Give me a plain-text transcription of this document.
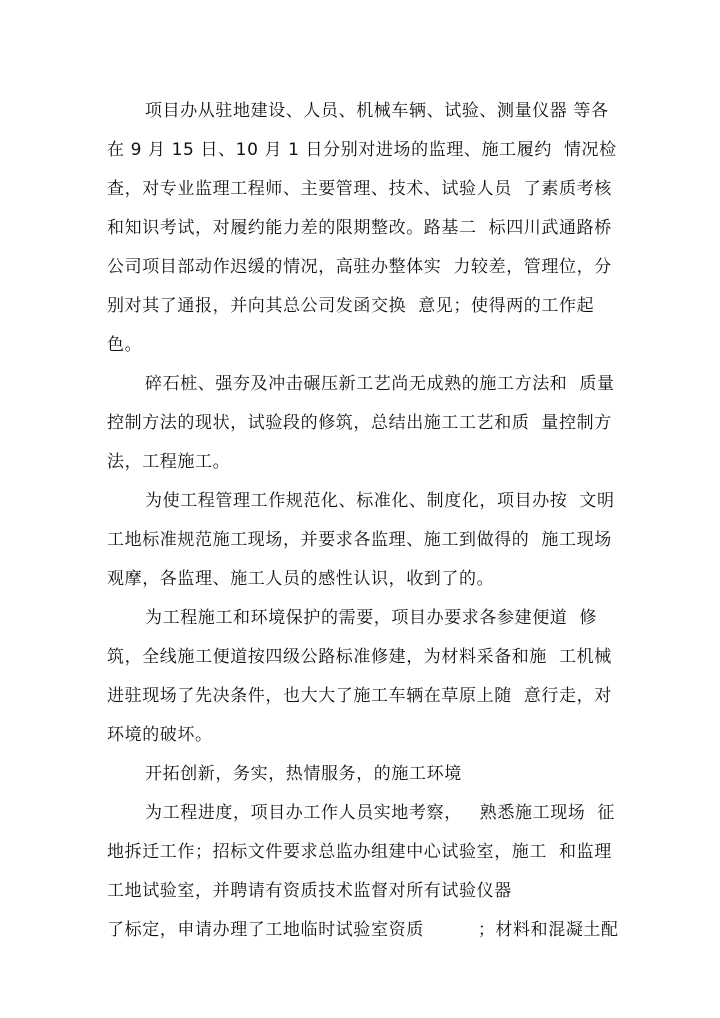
项目办从驻地建设、人员、机械车辆、试验、测量仪器 等各
在 9 月 15 日、10 月 1 日分别对进场的监理、施工履约  情况检
查，对专业监理工程师、主要管理、技术、试验人员  了素质考核
和知识考试，对履约能力差的限期整改。路基二  标四川武通路桥
公司项目部动作迟缓的情况，高驻办整体实  力较差，管理位，分
别对其了通报，并向其总公司发函交换  意见；使得两的工作起
色。
碎石桩、强夯及冲击碾压新工艺尚无成熟的施工方法和  质量
控制方法的现状，试验段的修筑，总结出施工工艺和质  量控制方
法，工程施工。
为使工程管理工作规范化、标准化、制度化，项目办按  文明
工地标准规范施工现场，并要求各监理、施工到做得的  施工现场
观摩，各监理、施工人员的感性认识，收到了的。
为工程施工和环境保护的需要，项目办要求各参建便道  修
筑，全线施工便道按四级公路标准修建，为材料采备和施  工机械
进驻现场了先决条件，也大大了施工车辆在草原上随  意行走，对
环境的破坏。
开拓创新，务实，热情服务，的施工环境
为工程进度，项目办工作人员实地考察，   熟悉施工现场  征
地拆迁工作；招标文件要求总监办组建中心试验室，施工  和监理
工地试验室，并聘请有资质技术监督对所有试验仪器
了标定，申请办理了工地临时试验室资质         ；材料和混凝土配
